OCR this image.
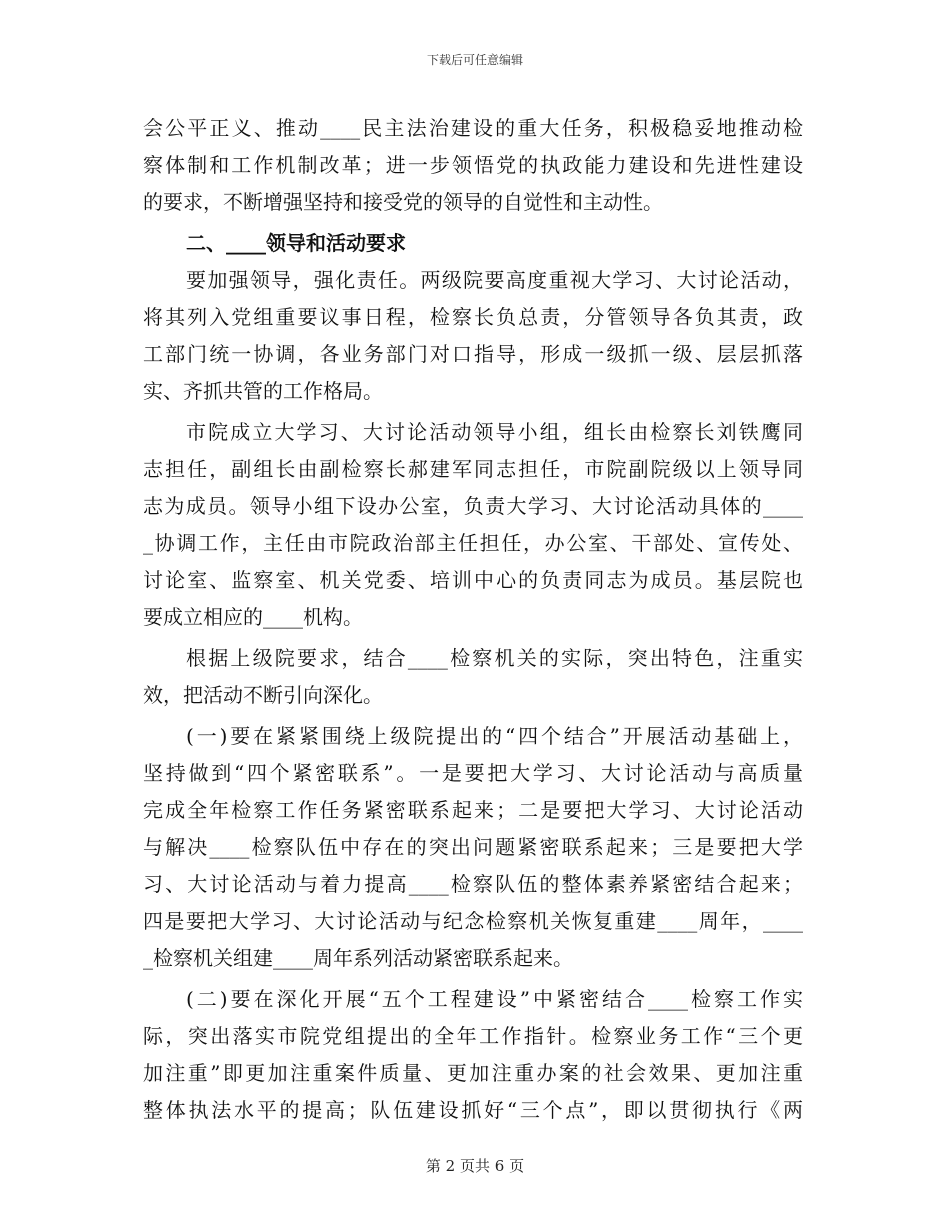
下载后可任意编辑
会公平正义、推动____民主法治建设的重大任务，积极稳妥地推动检
察体制和工作机制改革；进一步领悟党的执政能力建设和先进性建设
的要求，不断增强坚持和接受党的领导的自觉性和主动性。
二、____领导和活动要求
要加强领导，强化责任。两级院要高度重视大学习、大讨论活动，
将其列入党组重要议事日程，检察长负总责，分管领导各负其责，政
工部门统一协调，各业务部门对口指导，形成一级抓一级、层层抓落
实、齐抓共管的工作格局。
市院成立大学习、大讨论活动领导小组，组长由检察长刘铁鹰同
志担任，副组长由副检察长郝建军同志担任，市院副院级以上领导同
志为成员。领导小组下设办公室，负责大学习、大讨论活动具体的____
_协调工作，主任由市院政治部主任担任，办公室、干部处、宣传处、
讨论室、监察室、机关党委、培训中心的负责同志为成员。基层院也
要成立相应的____机构。
根据上级院要求，结合____检察机关的实际，突出特色，注重实
效，把活动不断引向深化。
(一)要在紧紧围绕上级院提出的“四个结合”开展活动基础上，
坚持做到“四个紧密联系”。一是要把大学习、大讨论活动与高质量
完成全年检察工作任务紧密联系起来；二是要把大学习、大讨论活动
与解决____检察队伍中存在的突出问题紧密联系起来；三是要把大学
习、大讨论活动与着力提高____检察队伍的整体素养紧密结合起来；
四是要把大学习、大讨论活动与纪念检察机关恢复重建____周年，____
_检察机关组建____周年系列活动紧密联系起来。
(二)要在深化开展“五个工程建设”中紧密结合____检察工作实
际，突出落实市院党组提出的全年工作指针。检察业务工作“三个更
加注重”即更加注重案件质量、更加注重办案的社会效果、更加注重
整体执法水平的提高；队伍建设抓好“三个点”，即以贯彻执行《两
第 2 页共 6 页
